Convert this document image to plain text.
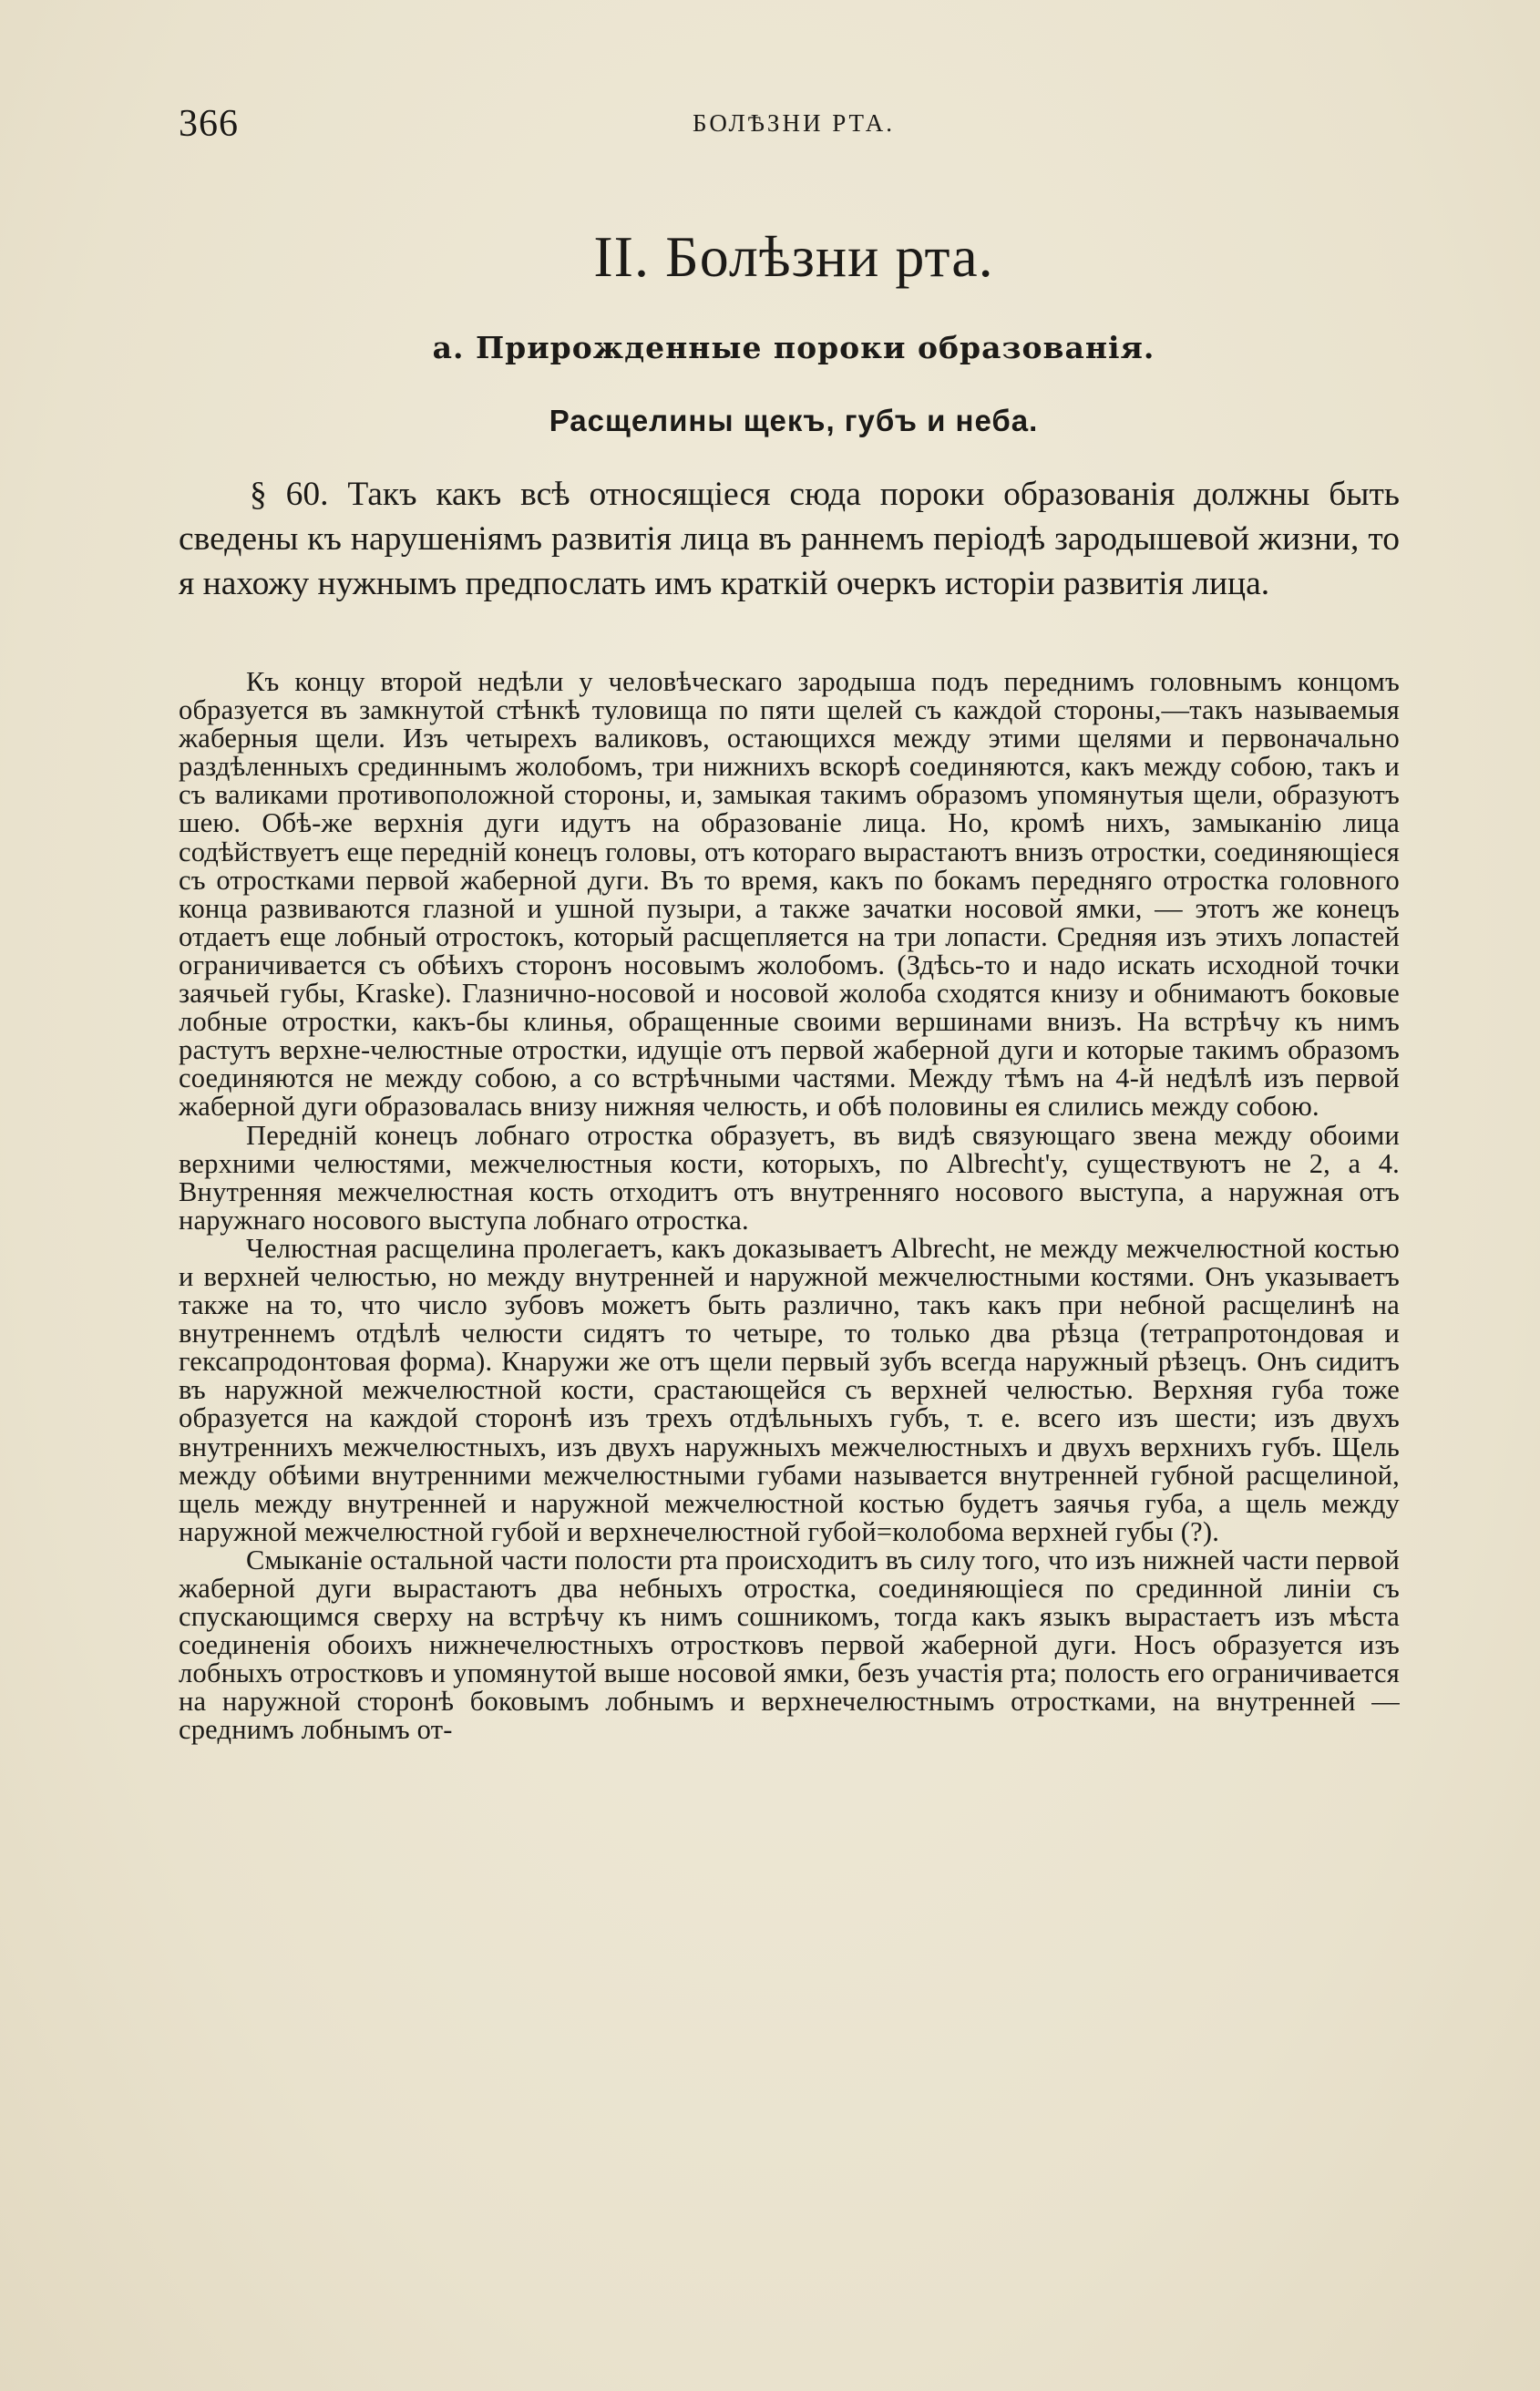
366	БОЛѢЗНИ РТА.
II. Болѣзни рта.
а. Прирожденные пороки образованія.
Расщелины щекъ, губъ и неба.

§ 60. Такъ какъ всѣ относящіеся сюда пороки образованія должны быть сведены къ нарушеніямъ развитія лица въ раннемъ періодѣ зародышевой жизни, то я нахожу нужнымъ предпослать имъ краткій очеркъ исторіи развитія лица.

Къ концу второй недѣли у человѣческаго зародыша подъ переднимъ головнымъ концомъ образуется въ замкнутой стѣнкѣ туловища по пяти щелей съ каждой стороны,—такъ называемыя жаберныя щели. Изъ четырехъ валиковъ, остающихся между этими щелями и первоначально раздѣленныхъ срединнымъ жолобомъ, три нижнихъ вскорѣ соединяются, какъ между собою, такъ и съ валиками противоположной стороны, и, замыкая такимъ образомъ упомянутыя щели, образуютъ шею. Обѣ-же верхнія дуги идутъ на образованіе лица. Но, кромѣ нихъ, замыканію лица содѣйствуетъ еще передній конецъ головы, отъ котораго вырастаютъ внизъ отростки, соединяющіеся съ отростками первой жаберной дуги. Въ то время, какъ по бокамъ передняго отростка головного конца развиваются глазной и ушной пузыри, а также зачатки носовой ямки, — этотъ же конецъ отдаетъ еще лобный отростокъ, который расщепляется на три лопасти. Средняя изъ этихъ лопастей ограничивается съ обѣихъ сторонъ носовымъ жолобомъ. (Здѣсь-то и надо искать исходной точки заячьей губы, Kraske). Глазнично-носовой и носовой жолоба сходятся книзу и обнимаютъ боковые лобные отростки, какъ-бы клинья, обращенные своими вершинами внизъ. На встрѣчу къ нимъ растутъ верхне-челюстные отростки, идущіе отъ первой жаберной дуги и которые такимъ образомъ соединяются не между собою, а со встрѣчными частями. Между тѣмъ на 4-й недѣлѣ изъ первой жаберной дуги образовалась внизу нижняя челюсть, и обѣ половины ея слились между собою.

Передній конецъ лобнаго отростка образуетъ, въ видѣ связующаго звена между обоими верхними челюстями, межчелюстныя кости, которыхъ, по Albrecht'у, существуютъ не 2, а 4. Внутренняя межчелюстная кость отходитъ отъ внутренняго носового выступа, а наружная отъ наружнаго носового выступа лобнаго отростка.

Челюстная расщелина пролегаетъ, какъ доказываетъ Albrecht, не между межчелюстной костью и верхней челюстью, но между внутренней и наружной межчелюстными костями. Онъ указываетъ также на то, что число зубовъ можетъ быть различно, такъ какъ при небной расщелинѣ на внутреннемъ отдѣлѣ челюсти сидятъ то четыре, то только два рѣзца (тетрапротондовая и гексапродонтовая форма). Кнаружи же отъ щели первый зубъ всегда наружный рѣзецъ. Онъ сидитъ въ наружной межчелюстной кости, срастающейся съ верхней челюстью. Верхняя губа тоже образуется на каждой сторонѣ изъ трехъ отдѣльныхъ губъ, т. е. всего изъ шести; изъ двухъ внутреннихъ межчелюстныхъ, изъ двухъ наружныхъ межчелюстныхъ и двухъ верхнихъ губъ. Щель между обѣими внутренними межчелюстными губами называется внутренней губной расщелиной, щель между внутренней и наружной межчелюстной костью будетъ заячья губа, а щель между наружной межчелюстной губой и верхнечелюстной губой=колобома верхней губы (?).

Смыканіе остальной части полости рта происходитъ въ силу того, что изъ нижней части первой жаберной дуги вырастаютъ два небныхъ отростка, соединяющіеся по срединной линіи съ спускающимся сверху на встрѣчу къ нимъ сошникомъ, тогда какъ языкъ вырастаетъ изъ мѣста соединенія обоихъ нижнечелюстныхъ отростковъ первой жаберной дуги. Носъ образуется изъ лобныхъ отростковъ и упомянутой выше носовой ямки, безъ участія рта; полость его ограничивается на наружной сторонѣ боковымъ лобнымъ и верхнечелюстнымъ отростками, на внутренней — среднимъ лобнымъ от-
